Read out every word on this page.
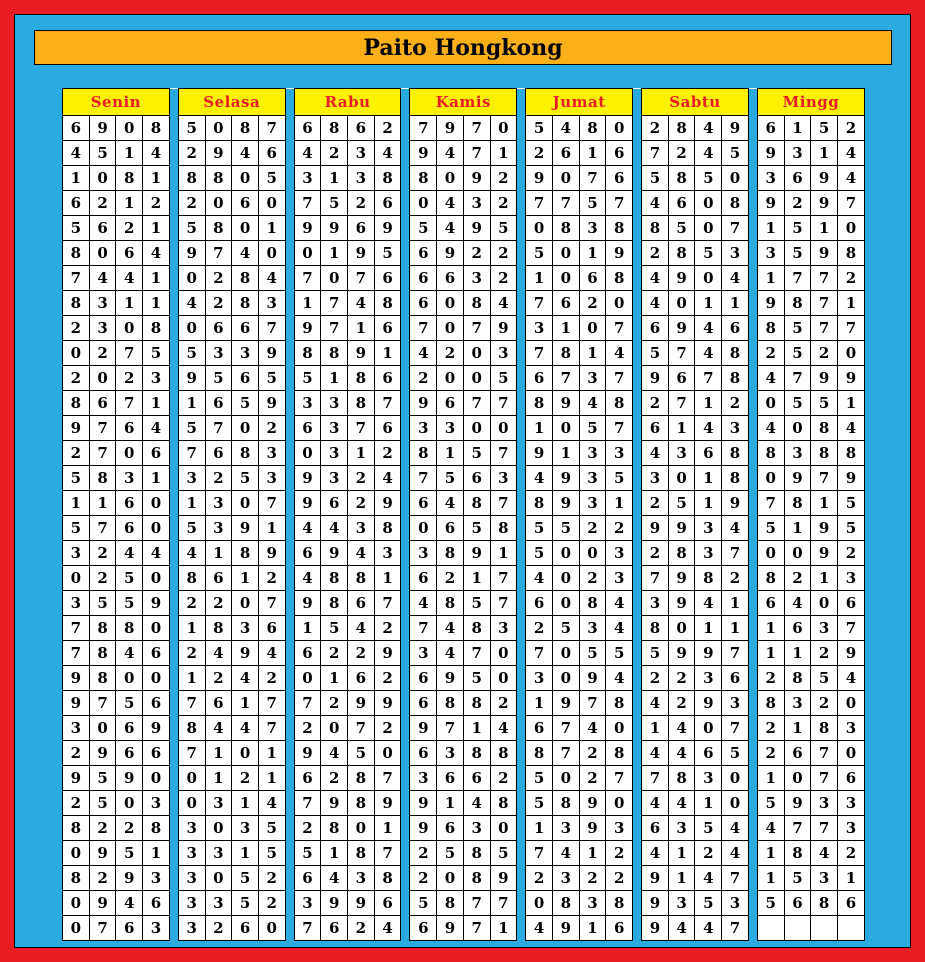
Paito Hongkong
Senin					Selasa					Rabu					Kamis					Jumat					Sabtu					Mingg			
6	9	0	8		5	0	8	7		6	8	6	2		7	9	7	0		5	4	8	0		2	8	4	9		6	1	5	2
4	5	1	4		2	9	4	6		4	2	3	4		9	4	7	1		2	6	1	6		7	2	4	5		9	3	1	4
1	0	8	1		8	8	0	5		3	1	3	8		8	0	9	2		9	0	7	6		5	8	5	0		3	6	9	4
6	2	1	2		2	0	6	0		7	5	2	6		0	4	3	2		7	7	5	7		4	6	0	8		9	2	9	7
5	6	2	1		5	8	0	1		9	9	6	9		5	4	9	5		0	8	3	8		8	5	0	7		1	5	1	0
8	0	6	4		9	7	4	0		0	1	9	5		6	9	2	2		5	0	1	9		2	8	5	3		3	5	9	8
7	4	4	1		0	2	8	4		7	0	7	6		6	6	3	2		1	0	6	8		4	9	0	4		1	7	7	2
8	3	1	1		4	2	8	3		1	7	4	8		6	0	8	4		7	6	2	0		4	0	1	1		9	8	7	1
2	3	0	8		0	6	6	7		9	7	1	6		7	0	7	9		3	1	0	7		6	9	4	6		8	5	7	7
0	2	7	5		5	3	3	9		8	8	9	1		4	2	0	3		7	8	1	4		5	7	4	8		2	5	2	0
2	0	2	3		9	5	6	5		5	1	8	6		2	0	0	5		6	7	3	7		9	6	7	8		4	7	9	9
8	6	7	1		1	6	5	9		3	3	8	7		9	6	7	7		8	9	4	8		2	7	1	2		0	5	5	1
9	7	6	4		5	7	0	2		6	3	7	6		3	3	0	0		1	0	5	7		6	1	4	3		4	0	8	4
2	7	0	6		7	6	8	3		0	3	1	2		8	1	5	7		9	1	3	3		4	3	6	8		8	3	8	8
5	8	3	1		3	2	5	3		9	3	2	4		7	5	6	3		4	9	3	5		3	0	1	8		0	9	7	9
1	1	6	0		1	3	0	7		9	6	2	9		6	4	8	7		8	9	3	1		2	5	1	9		7	8	1	5
5	7	6	0		5	3	9	1		4	4	3	8		0	6	5	8		5	5	2	2		9	9	3	4		5	1	9	5
3	2	4	4		4	1	8	9		6	9	4	3		3	8	9	1		5	0	0	3		2	8	3	7		0	0	9	2
0	2	5	0		8	6	1	2		4	8	8	1		6	2	1	7		4	0	2	3		7	9	8	2		8	2	1	3
3	5	5	9		2	2	0	7		9	8	6	7		4	8	5	7		6	0	8	4		3	9	4	1		6	4	0	6
7	8	8	0		1	8	3	6		1	5	4	2		7	4	8	3		2	5	3	4		8	0	1	1		1	6	3	7
7	8	4	6		2	4	9	4		6	2	2	9		3	4	7	0		7	0	5	5		5	9	9	7		1	1	2	9
9	8	0	0		1	2	4	2		0	1	6	2		6	9	5	0		3	0	9	4		2	2	3	6		2	8	5	4
9	7	5	6		7	6	1	7		7	2	9	9		6	8	8	2		1	9	7	8		4	2	9	3		8	3	2	0
3	0	6	9		8	4	4	7		2	0	7	2		9	7	1	4		6	7	4	0		1	4	0	7		2	1	8	3
2	9	6	6		7	1	0	1		9	4	5	0		6	3	8	8		8	7	2	8		4	4	6	5		2	6	7	0
9	5	9	0		0	1	2	1		6	2	8	7		3	6	6	2		5	0	2	7		7	8	3	0		1	0	7	6
2	5	0	3		0	3	1	4		7	9	8	9		9	1	4	8		5	8	9	0		4	4	1	0		5	9	3	3
8	2	2	8		3	0	3	5		2	8	0	1		9	6	3	0		1	3	9	3		6	3	5	4		4	7	7	3
0	9	5	1		3	3	1	5		5	1	8	7		2	5	8	5		7	4	1	2		4	1	2	4		1	8	4	2
8	2	9	3		3	0	5	2		6	4	3	8		2	0	8	9		2	3	2	2		9	1	4	7		1	5	3	1
0	9	4	6		3	3	5	2		3	9	9	6		5	8	7	7		0	8	3	8		9	3	5	3		5	6	8	6
0	7	6	3		3	2	6	0		7	6	2	4		6	9	7	1		4	9	1	6		9	4	4	7					
